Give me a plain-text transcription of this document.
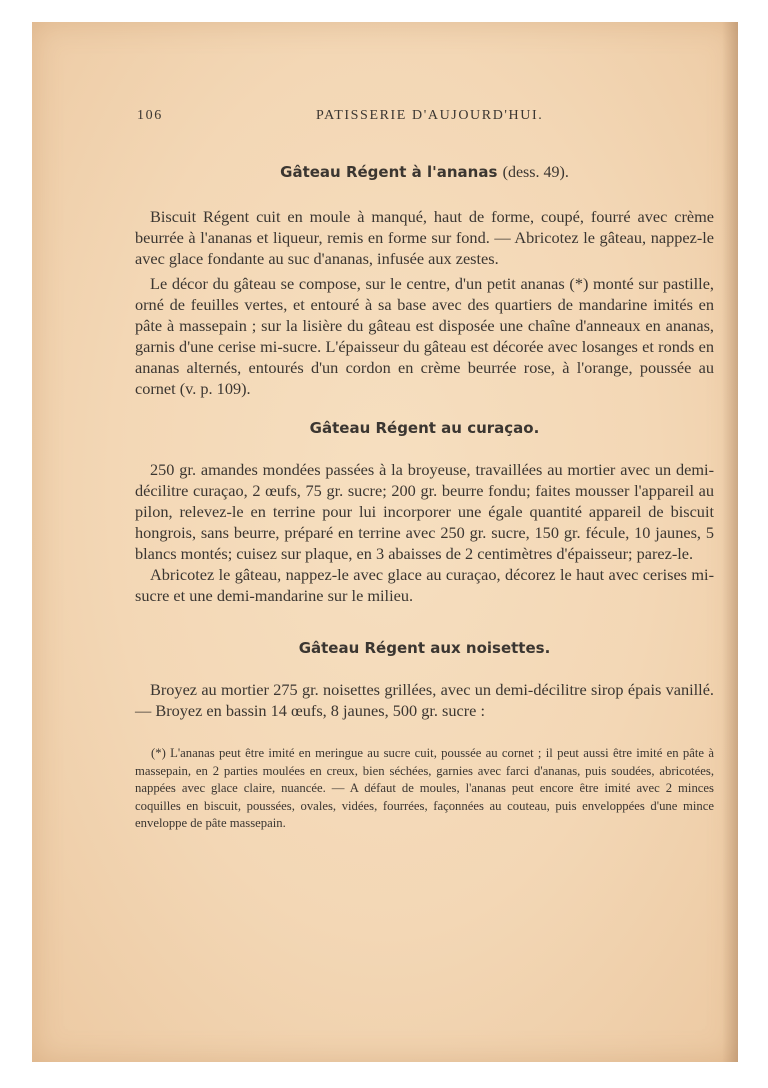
106	PATISSERIE D'AUJOURD'HUI.
Gâteau Régent à l'ananas (dess. 49).

Biscuit Régent cuit en moule à manqué, haut de forme, coupé, fourré avec crème beurrée à l'ananas et liqueur, remis en forme sur fond. — Abricotez le gâteau, nappez-le avec glace fondante au suc d'ananas, infusée aux zestes.

Le décor du gâteau se compose, sur le centre, d'un petit ananas (*) monté sur pastille, orné de feuilles vertes, et entouré à sa base avec des quartiers de mandarine imités en pâte à massepain ; sur la lisière du gâteau est disposée une chaîne d'anneaux en ananas, garnis d'une cerise mi-sucre. L'épaisseur du gâteau est décorée avec losanges et ronds en ananas alternés, entourés d'un cordon en crème beurrée rose, à l'orange, poussée au cornet (v. p. 109).

Gâteau Régent au curaçao.

250 gr. amandes mondées passées à la broyeuse, travaillées au mortier avec un demi-décilitre curaçao, 2 œufs, 75 gr. sucre; 200 gr. beurre fondu; faites mousser l'appareil au pilon, relevez-le en terrine pour lui incorporer une égale quantité appareil de biscuit hongrois, sans beurre, préparé en terrine avec 250 gr. sucre, 150 gr. fécule, 10 jaunes, 5 blancs montés; cuisez sur plaque, en 3 abaisses de 2 centimètres d'épaisseur; parez-le.

Abricotez le gâteau, nappez-le avec glace au curaçao, décorez le haut avec cerises mi-sucre et une demi-mandarine sur le milieu.

Gâteau Régent aux noisettes.

Broyez au mortier 275 gr. noisettes grillées, avec un demi-décilitre sirop épais vanillé. — Broyez en bassin 14 œufs, 8 jaunes, 500 gr. sucre :

(*) L'ananas peut être imité en meringue au sucre cuit, poussée au cornet ; il peut aussi être imité en pâte à massepain, en 2 parties moulées en creux, bien séchées, garnies avec farci d'ananas, puis soudées, abricotées, nappées avec glace claire, nuancée. — A défaut de moules, l'ananas peut encore être imité avec 2 minces coquilles en biscuit, poussées, ovales, vidées, fourrées, façonnées au couteau, puis enveloppées d'une mince enveloppe de pâte massepain.
